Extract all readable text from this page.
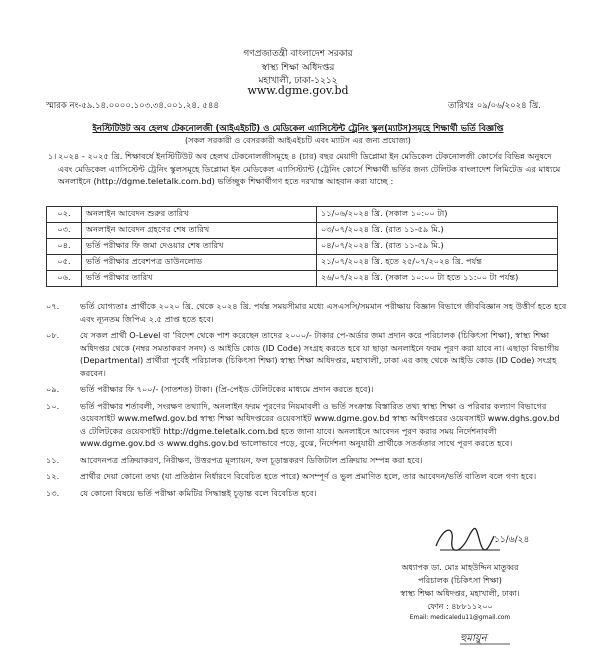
গণপ্রজাতন্ত্রী বাংলাদেশ সরকার
স্বাস্থ্য শিক্ষা অধিদপ্তর
মহাখালী, ঢাকা-১২১২
www.dgme.gov.bd
স্মারক নং-৫৯.১৪.০০০০.১০৩.৩৪.০০১.২৪. ৫৪৪	তারিখঃ ০৯/০৬/২০২৪ খ্রি.
ইনস্টিটিউট অব হেলথ টেকনোলজী (আইএইচটি) ও মেডিকেল এ্যাসিস্টেন্ট ট্রেনিং স্কুল(ম্যাটস)সমূহে শিক্ষার্থী ভর্তি বিজ্ঞপ্তি
(সকল সরকারী ও বেসরকারী আইএইচটি এবং ম্যাটস এর জন্য প্রযোজ্য)
১। ২০২৪ - ২০২৫ খ্রি. শিক্ষাবর্ষে ইনস্টিটিউট অব হেলথ টেকনোলজীসমূহে ৪ (চার) বছর মেয়াদী ডিপ্লোমা ইন মেডিকেল টেকনোলজী কোর্সের বিভিন্ন অনুষদে এবং মেডিকেল এ্যাসিস্টেন্ট ট্রেনিং স্কুলসমূহে ডিপ্লোমা ইন মেডিকেল এ্যাসিস্ট্যান্ট (ট্রেনিং কোর্সে শিক্ষার্থী ভর্তির জন্য টেলিটক বাংলাদেশ লিমিটেড এর মাধ্যমে অনলাইনে (http://dgme.teletalk.com.bd) ভর্তিচ্ছুক শিক্ষার্থীগণ হতে দরখাস্ত আহবান করা যাচ্ছে :
০২.	অনলাইন আবেদন শুরুর তারিখ	১১/০৬/২০২৪ খ্রি. (সকাল ১০:০০ টা)
০৩.	অনলাইন আবেদন গ্রহণের শেষ তারিখ	০৩/০৭/২০২৪ খ্রি. (রাত ১১-৫৯ মি.)
০৪.	ভর্তি পরীক্ষার ফি জমা দেওয়ার শেষ তারিখ	০৪/০৭/২০২৪ খ্রি. (রাত ১১-৫৯ মি.)
০৫.	ভর্তি পরীক্ষার প্রবেশপত্র ডাউনলোড	২১/০৭/২০২৪ খ্রি. হতে ২৫/০৭/২০২৪ খ্রি. পর্যন্ত
০৬.	ভর্তি পরীক্ষার তারিখ	২৬/০৭/২০২৪ খ্রি. (সকাল ১০:০০ টা হতে ১১:০০ টা পর্যন্ত)
০৭.	ভর্তি যোগ্যতাঃ প্রার্থীকে ২০২০ খ্রি. থেকে ২০২৪ খ্রি. পর্যন্ত সময়সীমার মধ্যে এসএসসি/সমমান পরীক্ষায় বিজ্ঞান বিভাগে জীববিজ্ঞান সহ উত্তীর্ণ হতে হবে এবং ন্যূনতম জিপিএ ২.৫ প্রাপ্ত হতে হবে।
০৮.	যে সকল প্রার্থী O-Level বা 'বিদেশ থেকে পাশ করেছেন তাদের ২০০০/- টাকার পে-অর্ডার জমা প্রদান করে পরিচালক (চিকিৎসা শিক্ষা), স্বাস্থ্য শিক্ষা অধিদপ্তর থেকে (নম্বর সমতাকরণ সনদ) ও আইডি কোড (ID Code) সংগ্রহ করতে হবে যা ছাড়া অনলাইনে ফরম পূরণ করা যাবে না। এছাড়া বিভাগীয় (Departmental) প্রার্থীরা পূর্বেই পরিচালক (চিকিৎসা শিক্ষা) স্বাস্থ্য শিক্ষা অধিদপ্তর, মহাখালী, ঢাকা এর কাছ থেকে আইডি কোড (ID Code) সংগ্রহ করবেন।
০৯.	ভর্তি পরীক্ষার ফি ৭০০/- (সাতশত) টাকা। (প্রি-পেইড টেলিটকের মাধ্যমে প্রদান করতে হবে)।
১০.	ভর্তি পরীক্ষার শর্তাবলী, সংরক্ষণ তথ্যাদি, অনলাইন ফরম পূরণের নিয়মাবলী ও ভর্তি সংক্রান্ত বিস্তারিত তথ্য স্বাস্থ্য শিক্ষা ও পরিবার কল্যাণ বিভাগের ওয়েবসাইট www.mefwd.gov.bd স্বাস্থ্য শিক্ষা অধিদপ্তরের ওয়েবসাইট www.dgme.gov.bd স্বাস্থ্য অধিদপ্তরের ওয়েবসাইট www.dghs.gov.bd ও টেলিটকের ওয়েবসাইট http://dgme.teletalk.com.bd হতে জানা যাবে। অনলাইনে আবেদন পূরণ করার সময় নির্দেশনাবলী www.dgme.gov.bd ও www.dghs.gov.bd ভালোভাবে পড়ে, বুঝে, নির্দেশনা অনুযায়ী প্রার্থীকে সতর্কতার সাথে পূরণ করতে হবে।
১১.	আবেদনপত্র প্রক্রিয়াকরণ, নিরীক্ষণ, উত্তরপত্র মূল্যায়ন, ফল চূড়ান্তকরণ ডিজিটাল প্রক্রিয়ায় সম্পন্ন করা হবে।
১২.	প্রার্থীর দেয়া কোনো তথ্য (যা প্রতিষ্ঠান নির্ধারণে বিবেচিত হতে পারে) অসম্পূর্ণ ও ভুল প্রমাণিত হলে, তার আবেদন/ভর্তি বাতিল বলে গণ্য হবে।
১৩.	যে কোনো বিষয়ে ভর্তি পরীক্ষা কমিটির সিদ্ধান্তই চূড়ান্ত বলে বিবেচিত হবে।
১১/৬/২৪
অধ্যাপক ডা. মোঃ মাহউদ্দিন মাতুব্বর
পরিচালক (চিকিৎসা শিক্ষা)
স্বাস্থ্য শিক্ষা অধিদপ্তর, মহাখালী, ঢাকা।
ফোন : ৪৮৮১১২০০
Email: medicaledu11@gmail.com
হুমায়ুন
